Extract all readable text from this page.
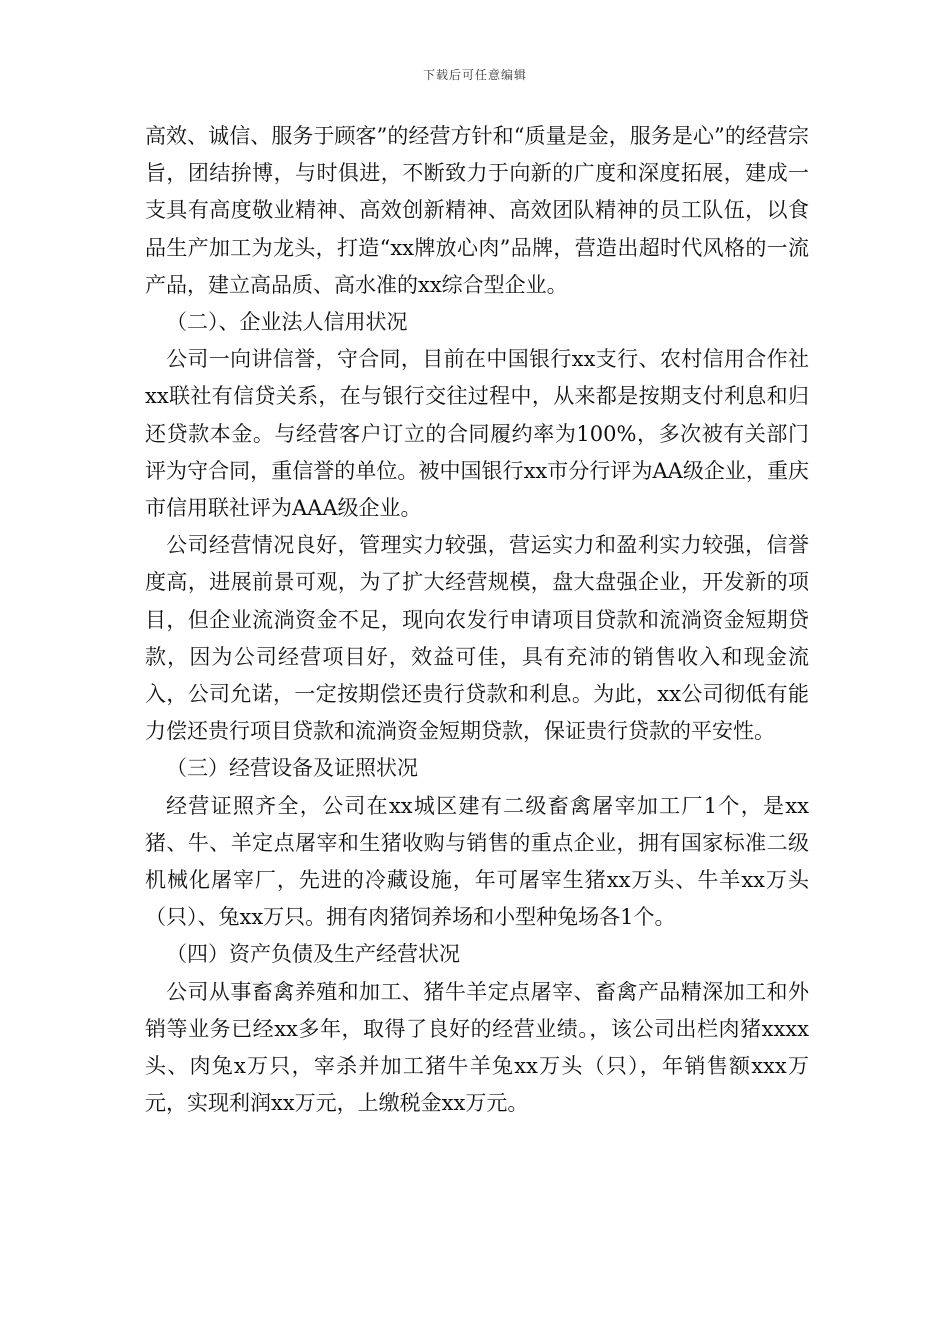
下载后可任意编辑

高效、诚信、服务于顾客”的经营方针和“质量是金，服务是心”的经营宗旨，团结拚博，与时俱进，不断致力于向新的广度和深度拓展，建成一支具有高度敬业精神、高效创新精神、高效团队精神的员工队伍，以食品生产加工为龙头，打造“xx牌放心肉”品牌，营造出超时代风格的一流产品，建立高品质、高水准的xx综合型企业。

（二）、企业法人信用状况

公司一向讲信誉，守合同，目前在中国银行xx支行、农村信用合作社xx联社有信贷关系，在与银行交往过程中，从来都是按期支付利息和归还贷款本金。与经营客户订立的合同履约率为100%，多次被有关部门评为守合同，重信誉的单位。被中国银行xx市分行评为AA级企业，重庆市信用联社评为AAA级企业。

公司经营情况良好，管理实力较强，营运实力和盈利实力较强，信誉度高，进展前景可观，为了扩大经营规模，盘大盘强企业，开发新的项目，但企业流淌资金不足，现向农发行申请项目贷款和流淌资金短期贷款，因为公司经营项目好，效益可佳，具有充沛的销售收入和现金流入，公司允诺，一定按期偿还贵行贷款和利息。为此，xx公司彻低有能力偿还贵行项目贷款和流淌资金短期贷款，保证贵行贷款的平安性。

（三）经营设备及证照状况

经营证照齐全，公司在xx城区建有二级畜禽屠宰加工厂1个，是xx猪、牛、羊定点屠宰和生猪收购与销售的重点企业，拥有国家标准二级机械化屠宰厂，先进的冷藏设施，年可屠宰生猪xx万头、牛羊xx万头（只）、兔xx万只。拥有肉猪饲养场和小型种兔场各1个。

（四）资产负债及生产经营状况

公司从事畜禽养殖和加工、猪牛羊定点屠宰、畜禽产品精深加工和外销等业务已经xx多年，取得了良好的经营业绩。，该公司出栏肉猪xxxx头、肉兔x万只，宰杀并加工猪牛羊兔xx万头（只），年销售额xxx万元，实现利润xx万元，上缴税金xx万元。
